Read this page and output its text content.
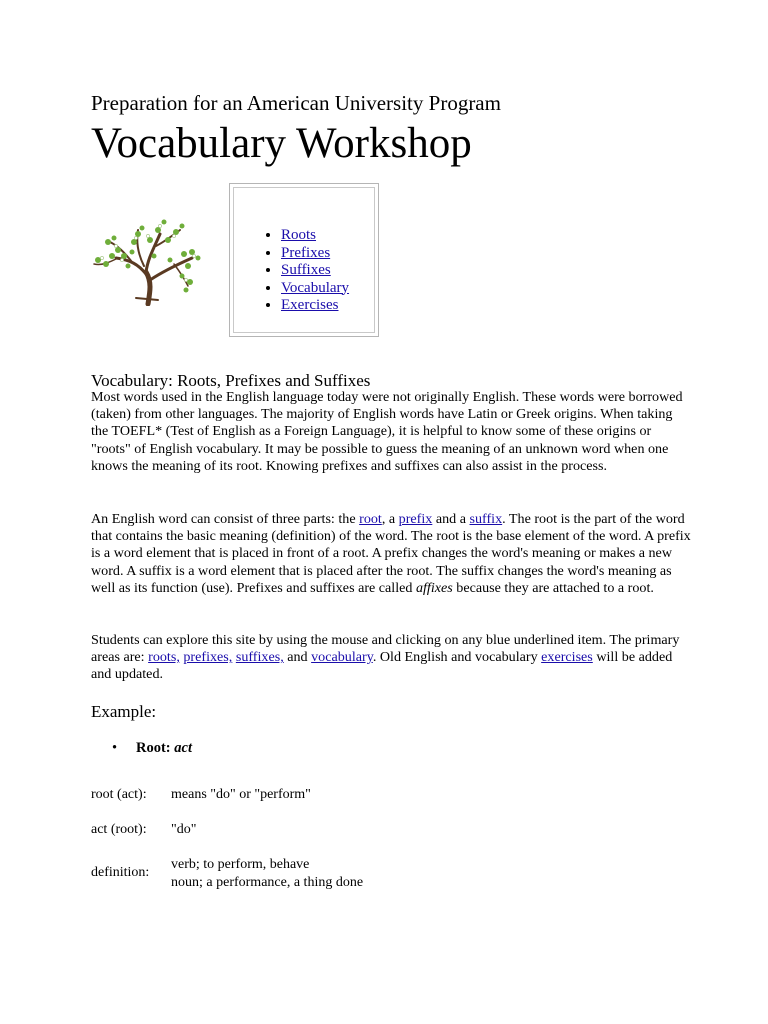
Preparation for an American University Program
Vocabulary Workshop
• Roots
• Prefixes
• Suffixes
• Vocabulary
• Exercises
Vocabulary: Roots, Prefixes and Suffixes

Most words used in the English language today were not originally English. These words were borrowed (taken) from other languages. The majority of English words have Latin or Greek origins. When taking the TOEFL* (Test of English as a Foreign Language), it is helpful to know some of these origins or "roots" of English vocabulary. It may be possible to guess the meaning of an unknown word when one knows the meaning of its root. Knowing prefixes and suffixes can also assist in the process.

An English word can consist of three parts: the root, a prefix and a suffix. The root is the part of the word that contains the basic meaning (definition) of the word. The root is the base element of the word. A prefix is a word element that is placed in front of a root. A prefix changes the word's meaning or makes a new word. A suffix is a word element that is placed after the root. The suffix changes the word's meaning as well as its function (use). Prefixes and suffixes are called affixes because they are attached to a root.

Students can explore this site by using the mouse and clicking on any blue underlined item. The primary areas are: roots, prefixes, suffixes, and vocabulary. Old English and vocabulary exercises will be added and updated.

Example:
• Root: act
root (act): means "do" or "perform"
act (root): "do"
definition:
verb; to perform, behave
noun; a performance, a thing done
